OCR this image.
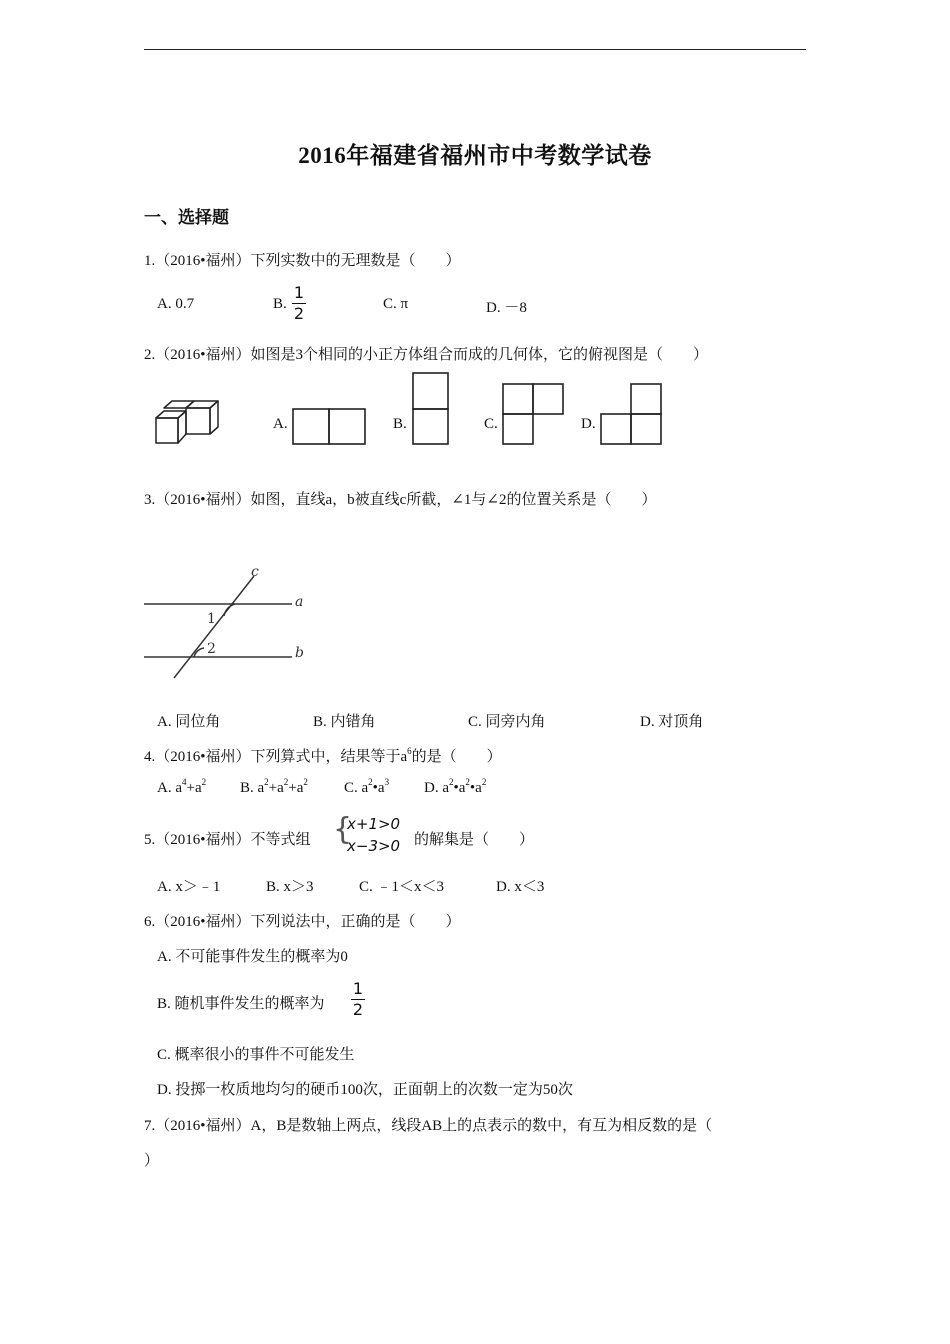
2016年福建省福州市中考数学试卷
一、选择题
1.（2016•福州）下列实数中的无理数是（　　）
A. 0.7	B.
1
2	C. π	D. －8
2.（2016•福州）如图是3个相同的小正方体组合而成的几何体，它的俯视图是（　　）
A.	B.	C.	D.
3.（2016•福州）如图，直线a，b被直线c所截，∠1与∠2的位置关系是（　　）
c
a
b
1
2
A. 同位角	B. 内错角	C. 同旁内角	D. 对顶角
4.（2016•福州）下列算式中，结果等于$a^6$的是（　　）
A. $a^4+a^2$ B. $a^2+a^2+a^2$ C. $a^2•a^3$ D. $a^2•a^2•a^2$
5.（2016•福州）不等式组 {
x+1>0
x−3>0 的解集是（　　）
A. x＞﹣1	B. x＞3	C. ﹣1＜x＜3	D. x＜3
6.（2016•福州）下列说法中，正确的是（　　）
A. 不可能事件发生的概率为0
B. 随机事件发生的概率为
1
2
C. 概率很小的事件不可能发生
D. 投掷一枚质地均匀的硬币100次，正面朝上的次数一定为50次
7.（2016•福州）A，B是数轴上两点，线段AB上的点表示的数中，有互为相反数的是（
）
